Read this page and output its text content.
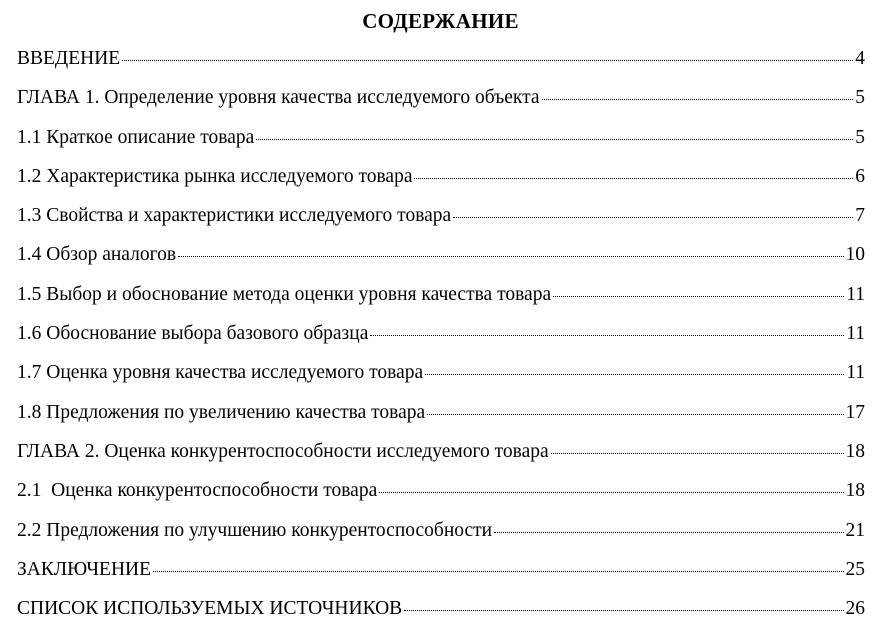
СОДЕРЖАНИЕ
ВВЕДЕНИЕ	4
ГЛАВА 1. Определение уровня качества исследуемого объекта	5
1.1 Краткое описание товара	5
1.2 Характеристика рынка исследуемого товара	6
1.3 Свойства и характеристики исследуемого товара	7
1.4 Обзор аналогов	10
1.5 Выбор и обоснование метода оценки уровня качества товара	11
1.6 Обоснование выбора базового образца	11
1.7 Оценка уровня качества исследуемого товара	11
1.8 Предложения по увеличению качества товара	17
ГЛАВА 2. Оценка конкурентоспособности исследуемого товара	18
2.1  Оценка конкурентоспособности товара	18
2.2 Предложения по улучшению конкурентоспособности	21
ЗАКЛЮЧЕНИЕ	25
СПИСОК ИСПОЛЬЗУЕМЫХ ИСТОЧНИКОВ	26
